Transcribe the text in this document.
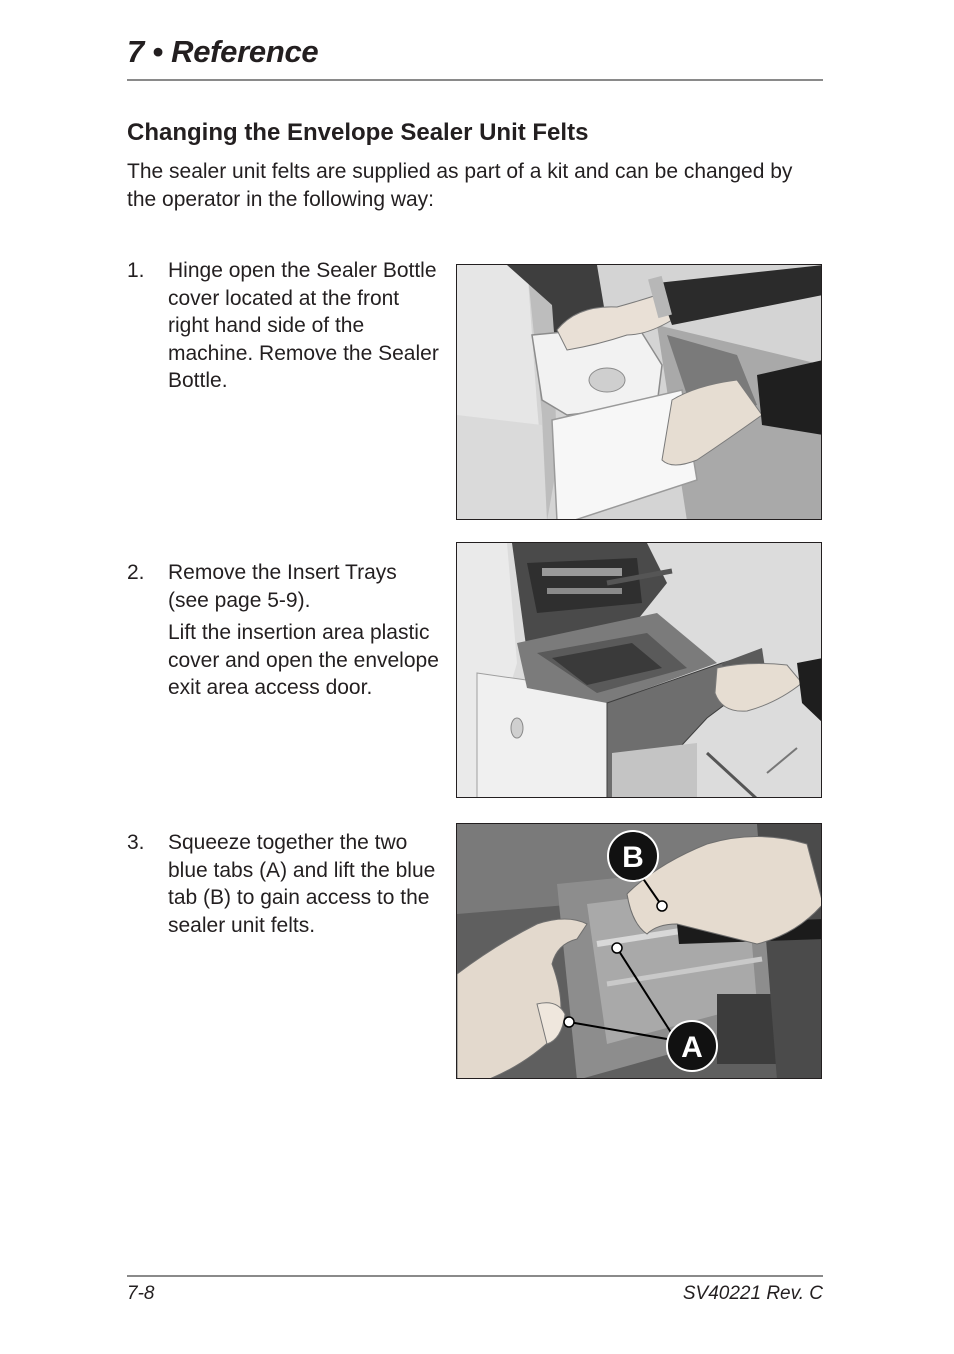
7 • Reference
Changing the Envelope Sealer Unit Felts

The sealer unit felts are supplied as part of a kit and can be changed by the operator in the following way:

1. Hinge open the Sealer Bottle cover located at the front right hand side of the machine. Remove the Sealer Bottle.

2. Remove the Insert Trays (see page 5-9).

Lift the insertion area plastic cover and open the envelope exit area access door.

3. Squeeze together the two blue tabs (A) and lift the blue tab (B) to gain access to the sealer unit felts.

B
A
7-8	SV40221 Rev. C
